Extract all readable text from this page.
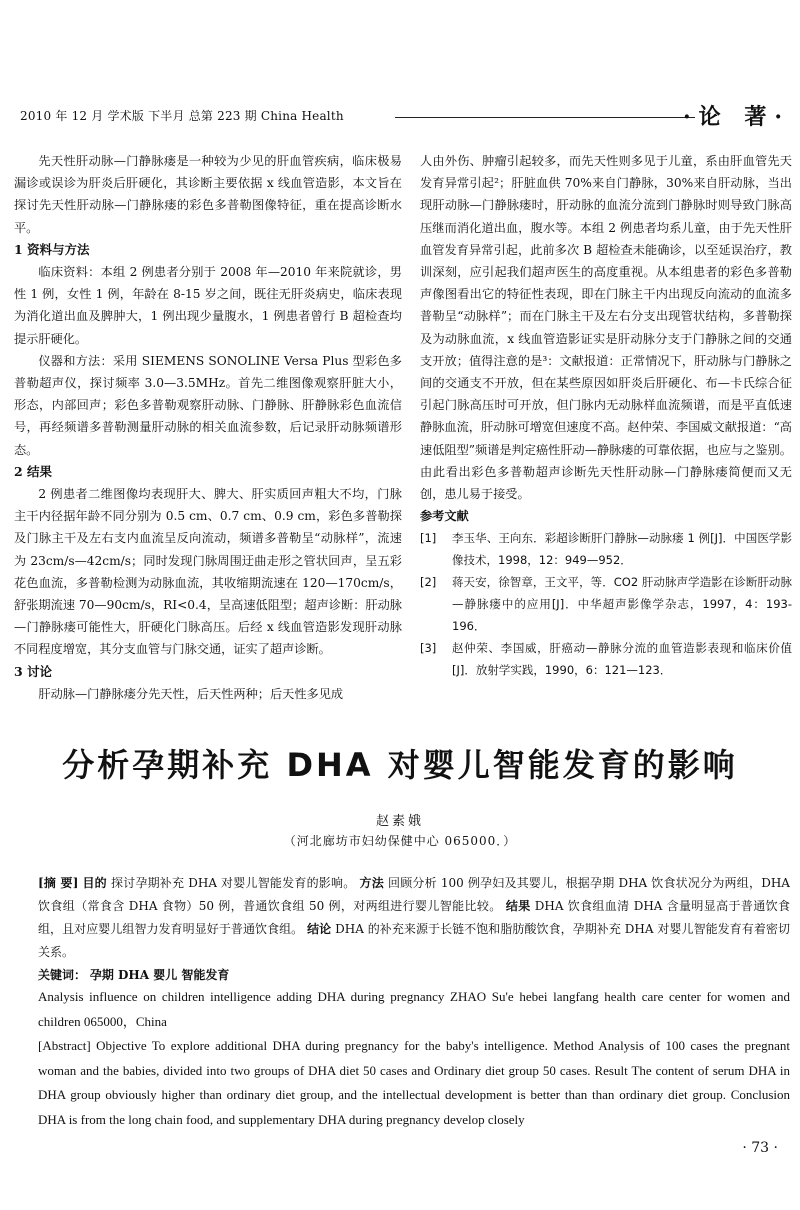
2010 年 12 月 学术版 下半月 总第 223 期 China Health	·论 著·

先天性肝动脉—门静脉瘘是一种较为少见的肝血管疾病，临床极易漏诊或误诊为肝炎后肝硬化，其诊断主要依据 x 线血管造影，本文旨在探讨先天性肝动脉—门静脉瘘的彩色多普勒图像特征，重在提高诊断水平。

1 资料与方法

临床资料：本组 2 例患者分别于 2008 年—2010 年来院就诊，男性 1 例，女性 1 例，年龄在 8-15 岁之间，既往无肝炎病史，临床表现为消化道出血及脾肿大，1 例出现少量腹水，1 例患者曾行 B 超检查均提示肝硬化。

仪器和方法：采用 SIEMENS SONOLINE Versa Plus 型彩色多普勒超声仪，探讨频率 3.0—3.5MHz。首先二维图像观察肝脏大小，形态，内部回声；彩色多普勒观察肝动脉、门静脉、肝静脉彩色血流信号，再经频谱多普勒测量肝动脉的相关血流参数，后记录肝动脉频谱形态。

2 结果

2 例患者二维图像均表现肝大、脾大、肝实质回声粗大不均，门脉主干内径据年龄不同分别为 0.5 cm、0.7 cm、0.9 cm，彩色多普勒探及门脉主干及左右支内血流呈反向流动，频谱多普勒呈“动脉样”，流速为 23cm/s—42cm/s；同时发现门脉周围迂曲走形之管状回声，呈五彩花色血流，多普勒检测为动脉血流，其收缩期流速在 120—170cm/s，舒张期流速 70—90cm/s，RI<0.4，呈高速低阻型；超声诊断：肝动脉—门静脉瘘可能性大，肝硬化门脉高压。后经 x 线血管造影发现肝动脉不同程度增宽，其分支血管与门脉交通，证实了超声诊断。

3 讨论

肝动脉—门静脉瘘分先天性，后天性两种；后天性多见成

人由外伤、肿瘤引起较多，而先天性则多见于儿童，系由肝血管先天发育异常引起²；肝脏血供 70%来自门静脉，30%来自肝动脉，当出现肝动脉—门静脉瘘时，肝动脉的血流分流到门静脉时则导致门脉高压继而消化道出血，腹水等。本组 2 例患者均系儿童，由于先天性肝血管发育异常引起，此前多次 B 超检查未能确诊，以至延误治疗，教训深刻，应引起我们超声医生的高度重视。从本组患者的彩色多普勒声像图看出它的特征性表现，即在门脉主干内出现反向流动的血流多普勒呈“动脉样”；而在门脉主干及左右分支出现管状结构，多普勒探及为动脉血流，x 线血管造影证实是肝动脉分支于门静脉之间的交通支开放；值得注意的是³：文献报道：正常情况下，肝动脉与门静脉之间的交通支不开放，但在某些原因如肝炎后肝硬化、布—卡氏综合征引起门脉高压时可开放，但门脉内无动脉样血流频谱，而是平直低速静脉血流，肝动脉可增宽但速度不高。赵仲荣、李国威文献报道：“高速低阻型”频谱是判定癌性肝动—静脉瘘的可靠依据，也应与之鉴别。由此看出彩色多普勒超声诊断先天性肝动脉—门静脉瘘简便而又无创，患儿易于接受。

参考文献

[1]	李玉华、王向东．彩超诊断肝门静脉—动脉瘘 1 例[J]．中国医学影像技术，1998，12：949—952．
[2]	蒋天安，徐智章，王文平，等．CO2 肝动脉声学造影在诊断肝动脉—静脉瘘中的应用[J]．中华超声影像学杂志，1997，4：193-196．
[3]	赵仲荣、李国威，肝癌动—静脉分流的血管造影表现和临床价值[J]．放射学实践，1990，6：121—123．
分析孕期补充 DHA 对婴儿智能发育的影响
赵素娥
（河北廊坊市妇幼保健中心 065000．）

[摘 要] 目的 探讨孕期补充 DHA 对婴儿智能发育的影响。 方法 回顾分析 100 例孕妇及其婴儿，根据孕期 DHA 饮食状况分为两组，DHA 饮食组（常食含 DHA 食物）50 例，普通饮食组 50 例，对两组进行婴儿智能比较。 结果 DHA 饮食组血清 DHA 含量明显高于普通饮食组，且对应婴儿组智力发育明显好于普通饮食组。 结论 DHA 的补充来源于长链不饱和脂肪酸饮食，孕期补充 DHA 对婴儿智能发育有着密切关系。

关键词： 孕期 DHA 婴儿 智能发育

Analysis influence on children intelligence adding DHA during pregnancy ZHAO Su'e hebei langfang health care center for women and children 065000，China

[Abstract] Objective To explore additional DHA during pregnancy for the baby's intelligence. Method Analysis of 100 cases the pregnant woman and the babies, divided into two groups of DHA diet 50 cases and Ordinary diet group 50 cases. Result The content of serum DHA in DHA group obviously higher than ordinary diet group, and the intellectual development is better than than ordinary diet group. Conclusion DHA is from the long chain food, and supplementary DHA during pregnancy develop closely

· 73 ·
